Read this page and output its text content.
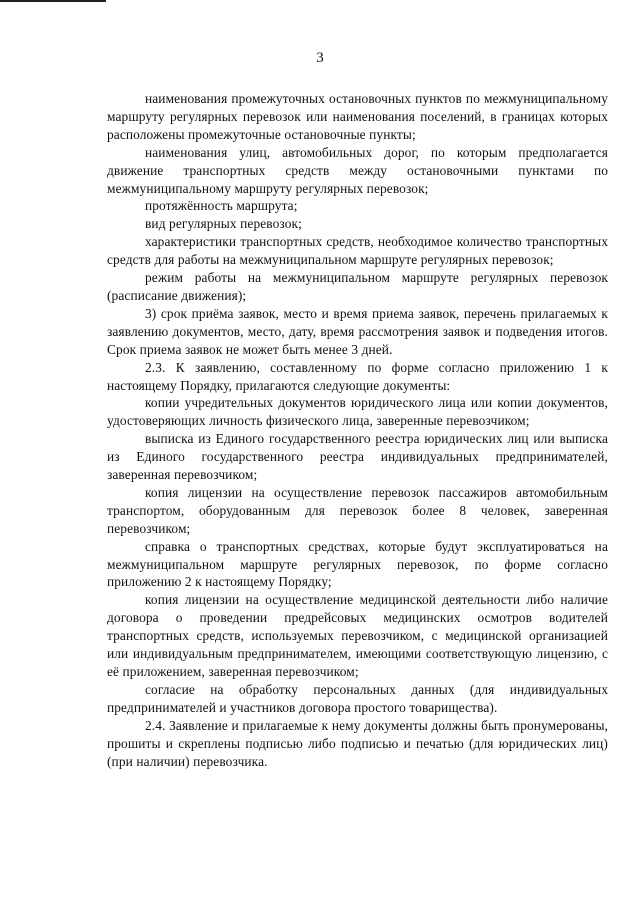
3

наименования промежуточных остановочных пунктов по межмуниципальному маршруту регулярных перевозок или наименования поселений, в границах которых расположены промежуточные остановочные пункты;

наименования улиц, автомобильных дорог, по которым предполагается движение транспортных средств между остановочными пунктами по межмуниципальному маршруту регулярных перевозок;

протяжённость маршрута;

вид регулярных перевозок;

характеристики транспортных средств, необходимое количество транспортных средств для работы на межмуниципальном маршруте регулярных перевозок;

режим работы на межмуниципальном маршруте регулярных перевозок (расписание движения);

3) срок приёма заявок, место и время приема заявок, перечень прилагаемых к заявлению документов, место, дату, время рассмотрения заявок и подведения итогов. Срок приема заявок не может быть менее 3 дней.

2.3. К заявлению, составленному по форме согласно приложению 1 к настоящему Порядку, прилагаются следующие документы:

копии учредительных документов юридического лица или копии документов, удостоверяющих личность физического лица, заверенные перевозчиком;

выписка из Единого государственного реестра юридических лиц или выписка из Единого государственного реестра индивидуальных предпринимателей, заверенная перевозчиком;

копия лицензии на осуществление перевозок пассажиров автомобильным транспортом, оборудованным для перевозок более 8 человек, заверенная перевозчиком;

справка о транспортных средствах, которые будут эксплуатироваться на межмуниципальном маршруте регулярных перевозок, по форме согласно приложению 2 к настоящему Порядку;

копия лицензии на осуществление медицинской деятельности либо наличие договора о проведении предрейсовых медицинских осмотров водителей транспортных средств, используемых перевозчиком, с медицинской организацией или индивидуальным предпринимателем, имеющими соответствующую лицензию, с её приложением, заверенная перевозчиком;

согласие на обработку персональных данных (для индивидуальных предпринимателей и участников договора простого товарищества).

2.4. Заявление и прилагаемые к нему документы должны быть пронумерованы, прошиты и скреплены подписью либо подписью и печатью (для юридических лиц) (при наличии) перевозчика.
